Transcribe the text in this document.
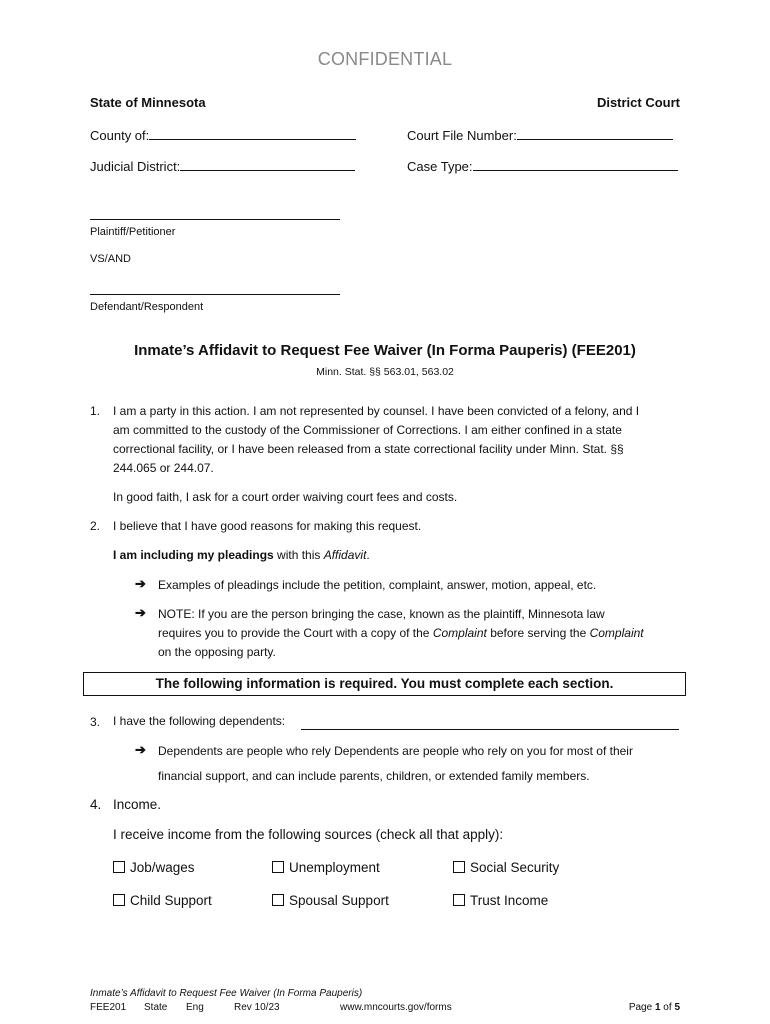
CONFIDENTIAL
State of Minnesota	District Court
County of:	Court File Number:
Judicial District:	Case Type:
Plaintiff/Petitioner
VS/AND
Defendant/Respondent
Inmate’s Affidavit to Request Fee Waiver (In Forma Pauperis) (FEE201)
Minn. Stat. §§ 563.01, 563.02
1. I am a party in this action. I am not represented by counsel. I have been convicted of a felony, and I
am committed to the custody of the Commissioner of Corrections. I am either confined in a state
correctional facility, or I have been released from a state correctional facility under Minn. Stat. §§
244.065 or 244.07.
In good faith, I ask for a court order waiving court fees and costs.
2. I believe that I have good reasons for making this request.
I am including my pleadings with this Affidavit.
➔ Examples of pleadings include the petition, complaint, answer, motion, appeal, etc.
➔ NOTE: If you are the person bringing the case, known as the plaintiff, Minnesota law
requires you to provide the Court with a copy of the Complaint before serving the Complaint
on the opposing party.
The following information is required. You must complete each section.
3. I have the following dependents:
➔ Dependents are people who rely Dependents are people who rely on you for most of their
financial support, and can include parents, children, or extended family members.
4. Income.
I receive income from the following sources (check all that apply):
Job/wages	Unemployment	Social Security
Child Support	Spousal Support	Trust Income
Inmate’s Affidavit to Request Fee Waiver (In Forma Pauperis)
FEE201 State Eng	Rev 10/23	www.mncourts.gov/forms	Page 1 of 5
